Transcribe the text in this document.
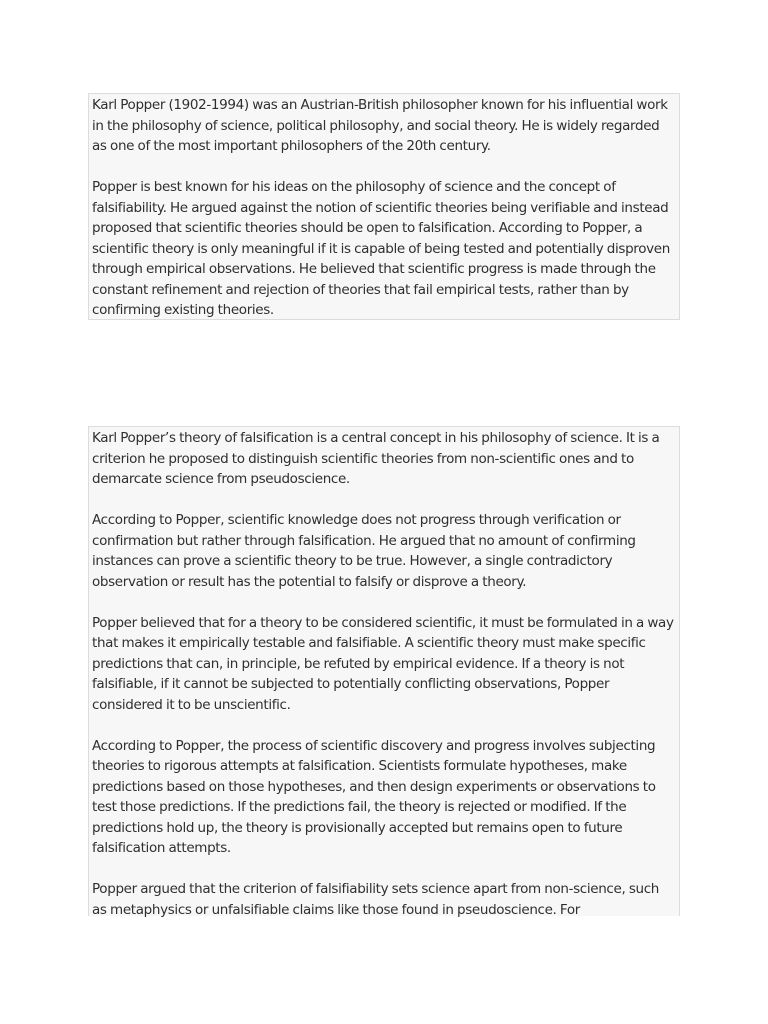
Karl Popper (1902-1994) was an Austrian-British philosopher known for his influential work in the philosophy of science, political philosophy, and social theory. He is widely regarded as one of the most important philosophers of the 20th century.

Popper is best known for his ideas on the philosophy of science and the concept of falsifiability. He argued against the notion of scientific theories being verifiable and instead proposed that scientific theories should be open to falsification. According to Popper, a scientific theory is only meaningful if it is capable of being tested and potentially disproven through empirical observations. He believed that scientific progress is made through the constant refinement and rejection of theories that fail empirical tests, rather than by confirming existing theories.

Karl Popper’s theory of falsification is a central concept in his philosophy of science. It is a criterion he proposed to distinguish scientific theories from non-scientific ones and to demarcate science from pseudoscience.

According to Popper, scientific knowledge does not progress through verification or confirmation but rather through falsification. He argued that no amount of confirming instances can prove a scientific theory to be true. However, a single contradictory observation or result has the potential to falsify or disprove a theory.

Popper believed that for a theory to be considered scientific, it must be formulated in a way that makes it empirically testable and falsifiable. A scientific theory must make specific predictions that can, in principle, be refuted by empirical evidence. If a theory is not falsifiable, if it cannot be subjected to potentially conflicting observations, Popper considered it to be unscientific.

According to Popper, the process of scientific discovery and progress involves subjecting theories to rigorous attempts at falsification. Scientists formulate hypotheses, make predictions based on those hypotheses, and then design experiments or observations to test those predictions. If the predictions fail, the theory is rejected or modified. If the predictions hold up, the theory is provisionally accepted but remains open to future falsification attempts.

Popper argued that the criterion of falsifiability sets science apart from non-science, such as metaphysics or unfalsifiable claims like those found in pseudoscience. For
